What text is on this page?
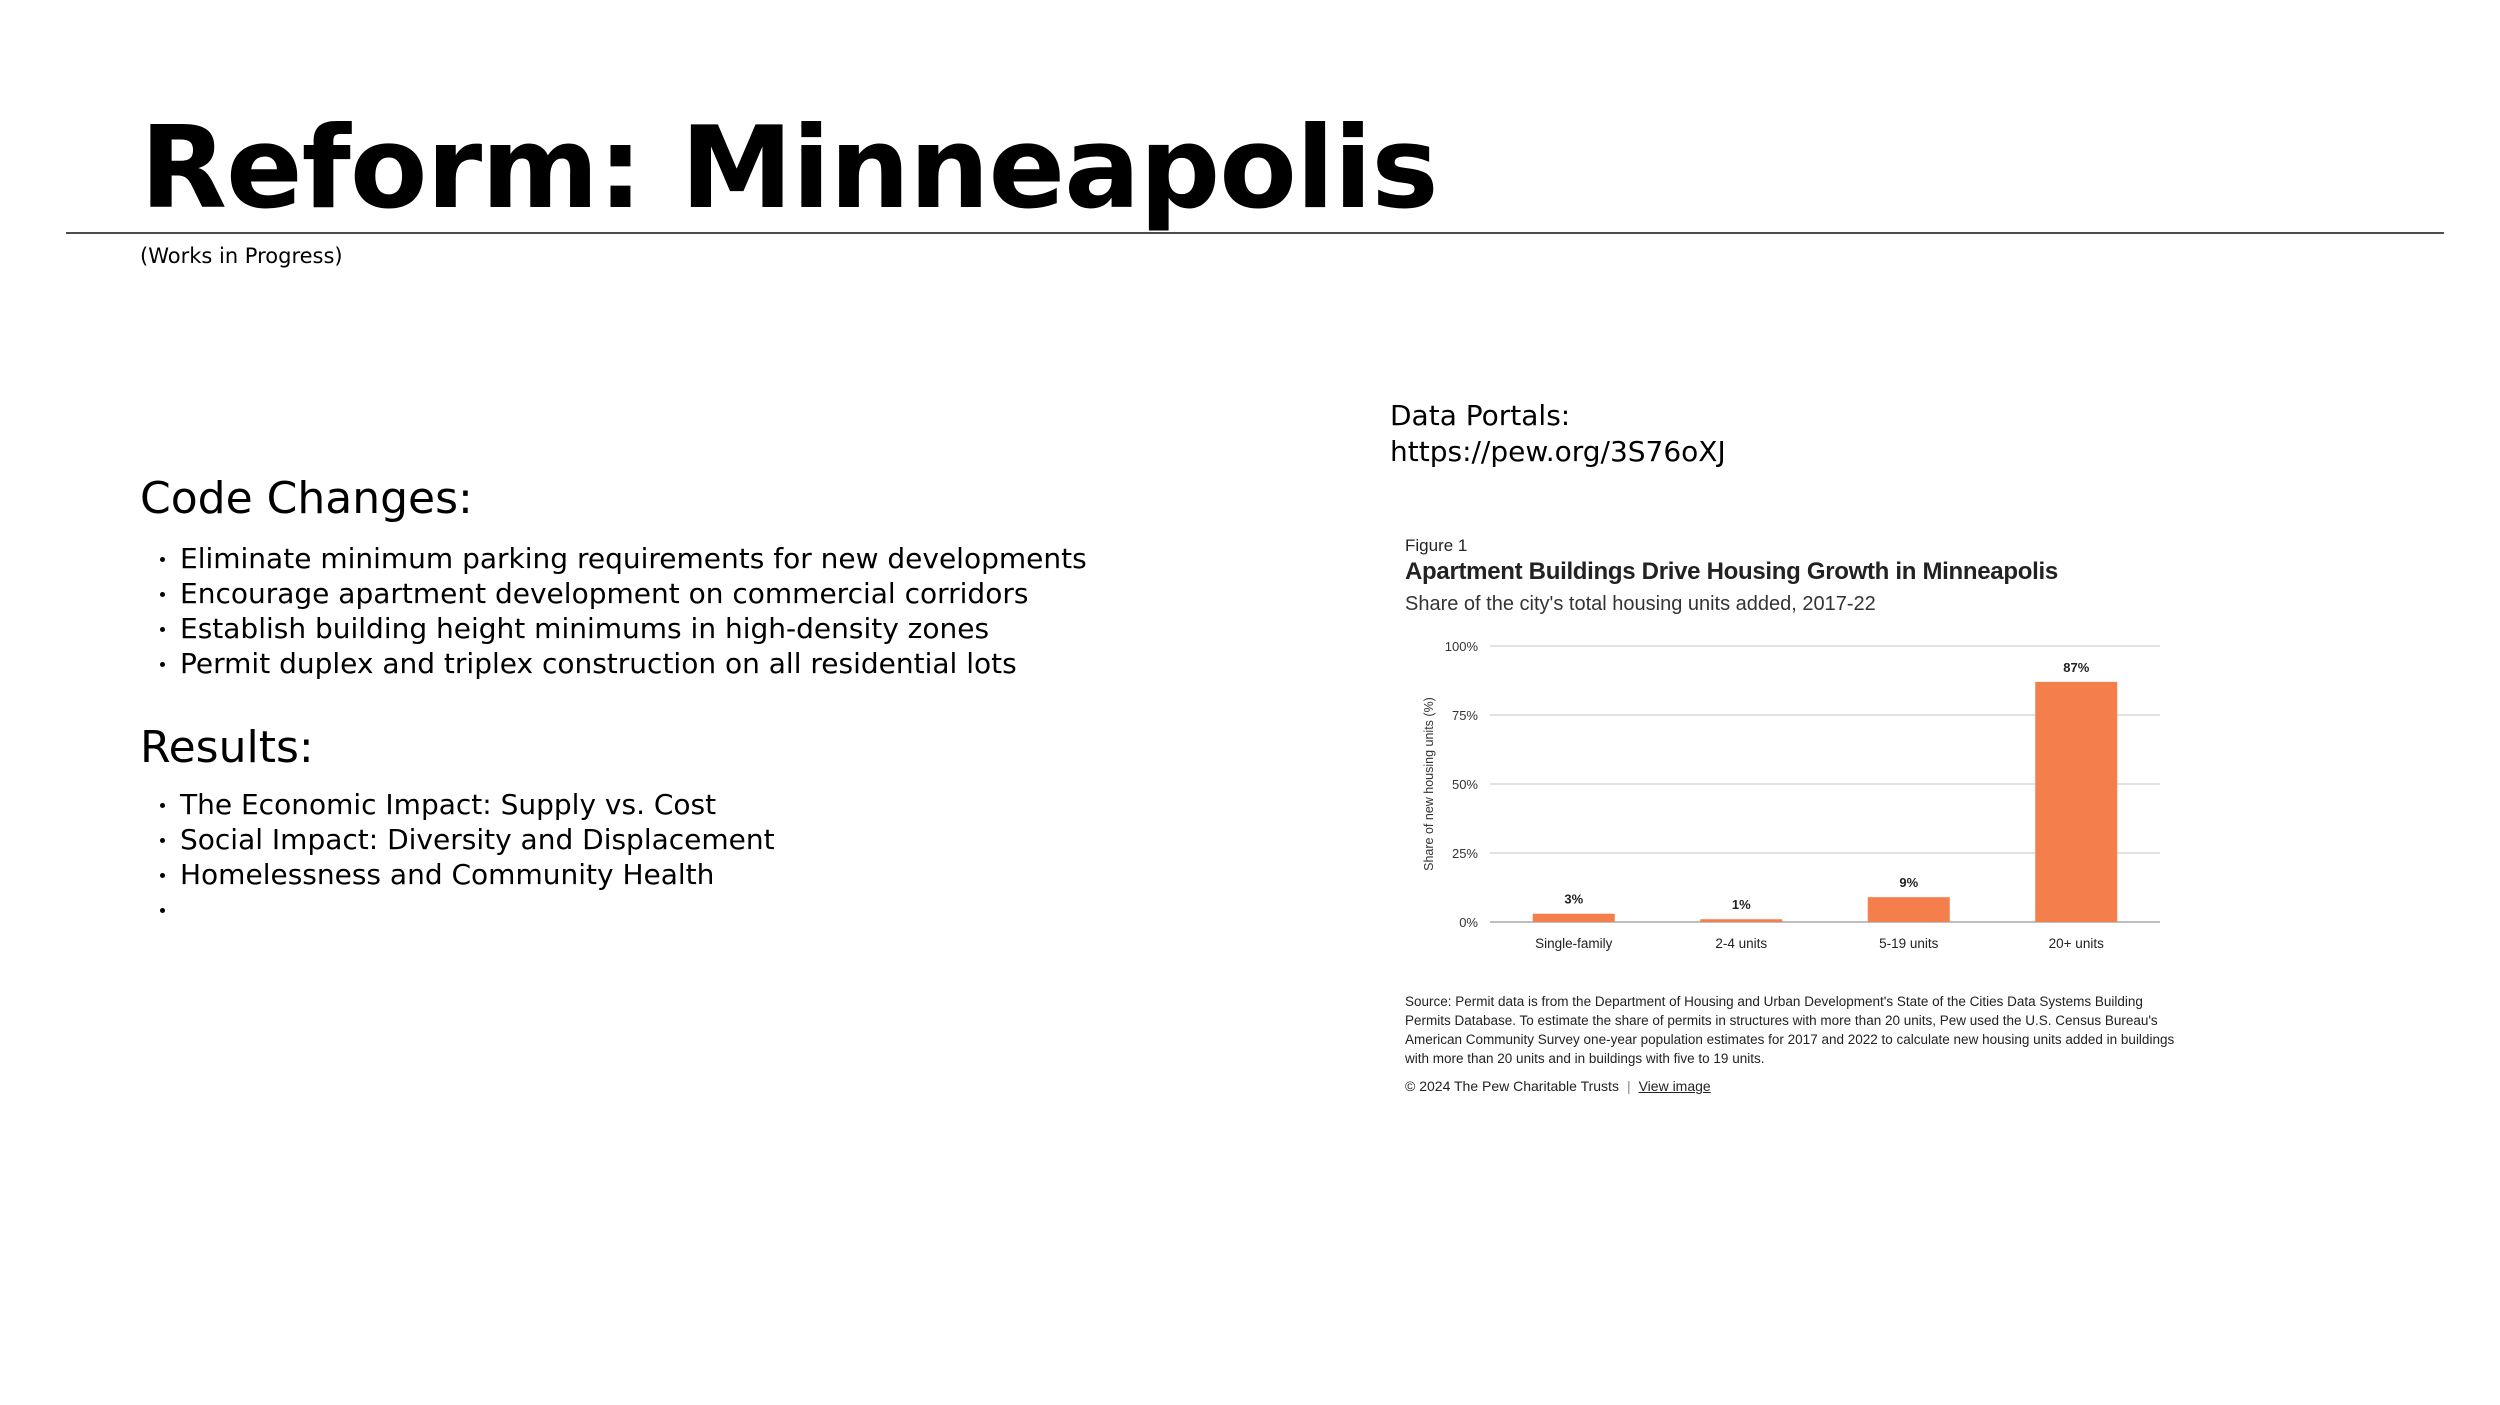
Reform: Minneapolis
(Works in Progress)
Code Changes:
Eliminate minimum parking requirements for new developments
Encourage apartment development on commercial corridors
Establish building height minimums in high-density zones
Permit duplex and triplex construction on all residential lots
Results:
The Economic Impact: Supply vs. Cost
Social Impact: Diversity and Displacement
Homelessness and Community Health
Data Portals:
https://pew.org/3S76oXJ
Figure 1
Apartment Buildings Drive Housing Growth in Minneapolis
Share of the city's total housing units added, 2017-22
0%
25%
50%
75%
100%
Share of new housing units (%)
3%
Single-family
1%
2-4 units
9%
5-19 units
87%
20+ units
Source: Permit data is from the Department of Housing and Urban Development's State of the Cities Data Systems Building Permits Database. To estimate the share of permits in structures with more than 20 units, Pew used the U.S. Census Bureau's American Community Survey one-year population estimates for 2017 and 2022 to calculate new housing units added in buildings with more than 20 units and in buildings with five to 19 units.
© 2024 The Pew Charitable Trusts | View image
